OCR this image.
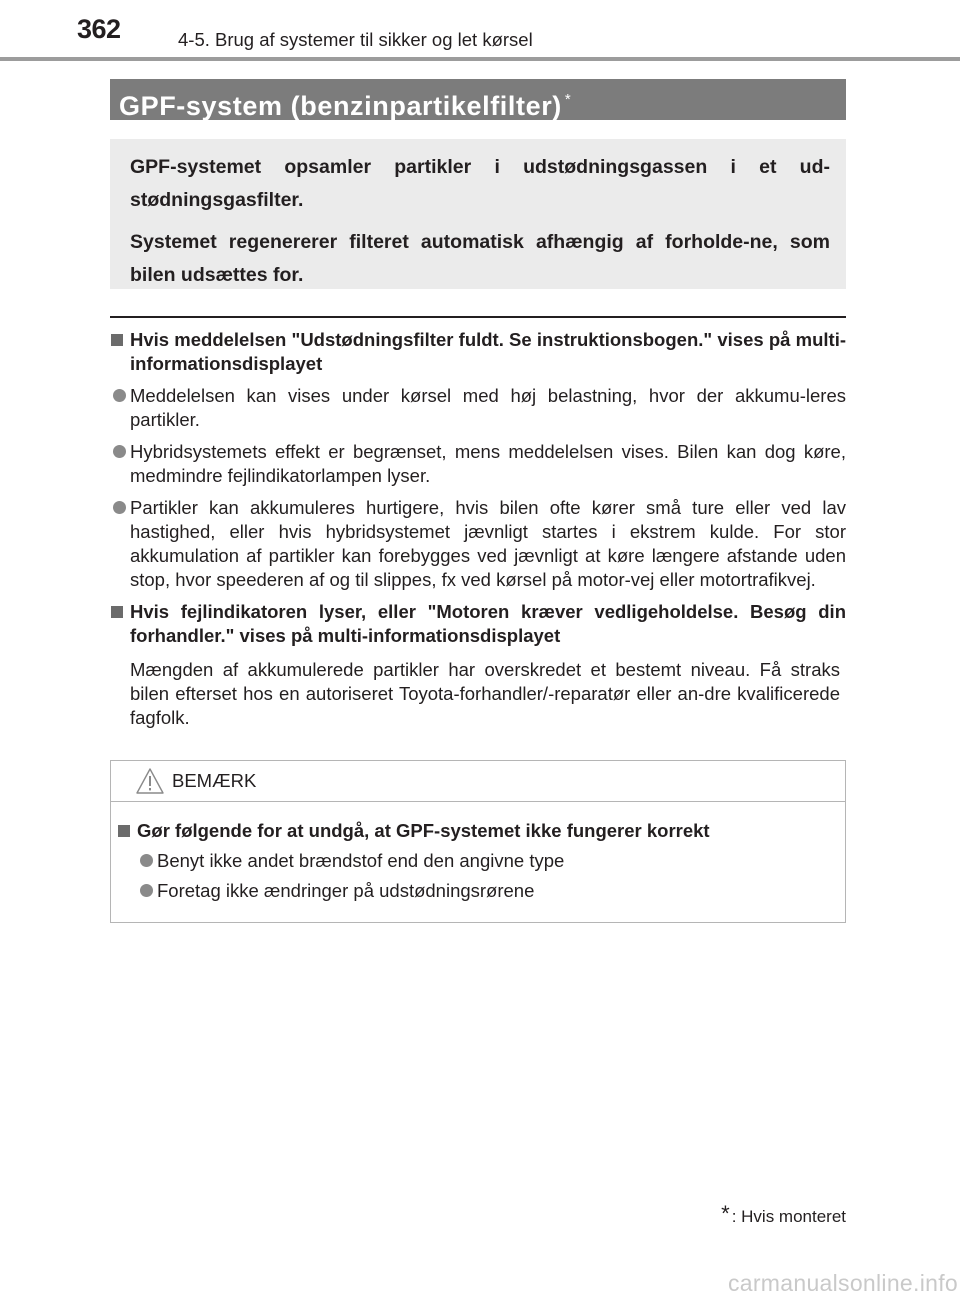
362	4-5. Brug af systemer til sikker og let kørsel
GPF-system (benzinpartikelfilter) *

GPF-systemet opsamler partikler i udstødningsgassen i et ud-stødningsgasfilter.

Systemet regenererer filteret automatisk afhængig af forholde-ne, som bilen udsættes for.

Hvis meddelelsen "Udstødningsfilter fuldt. Se instruktionsbogen." vises på multi-informationsdisplayet

Meddelelsen kan vises under kørsel med høj belastning, hvor der akkumu-leres partikler.

Hybridsystemets effekt er begrænset, mens meddelelsen vises. Bilen kan dog køre, medmindre fejlindikatorlampen lyser.

Partikler kan akkumuleres hurtigere, hvis bilen ofte kører små ture eller ved lav hastighed, eller hvis hybridsystemet jævnligt startes i ekstrem kulde. For stor akkumulation af partikler kan forebygges ved jævnligt at køre længere afstande uden stop, hvor speederen af og til slippes, fx ved kørsel på motor-vej eller motortrafikvej.

Hvis fejlindikatoren lyser, eller "Motoren kræver vedligeholdelse. Besøg din forhandler." vises på multi-informationsdisplayet

Mængden af akkumulerede partikler har overskredet et bestemt niveau. Få straks bilen efterset hos en autoriseret Toyota-forhandler/-reparatør eller an-dre kvalificerede fagfolk.

BEMÆRK

Gør følgende for at undgå, at GPF-systemet ikke fungerer korrekt

Benyt ikke andet brændstof end den angivne type

Foretag ikke ændringer på udstødningsrørene

* : Hvis monteret
carmanualsonline.info
